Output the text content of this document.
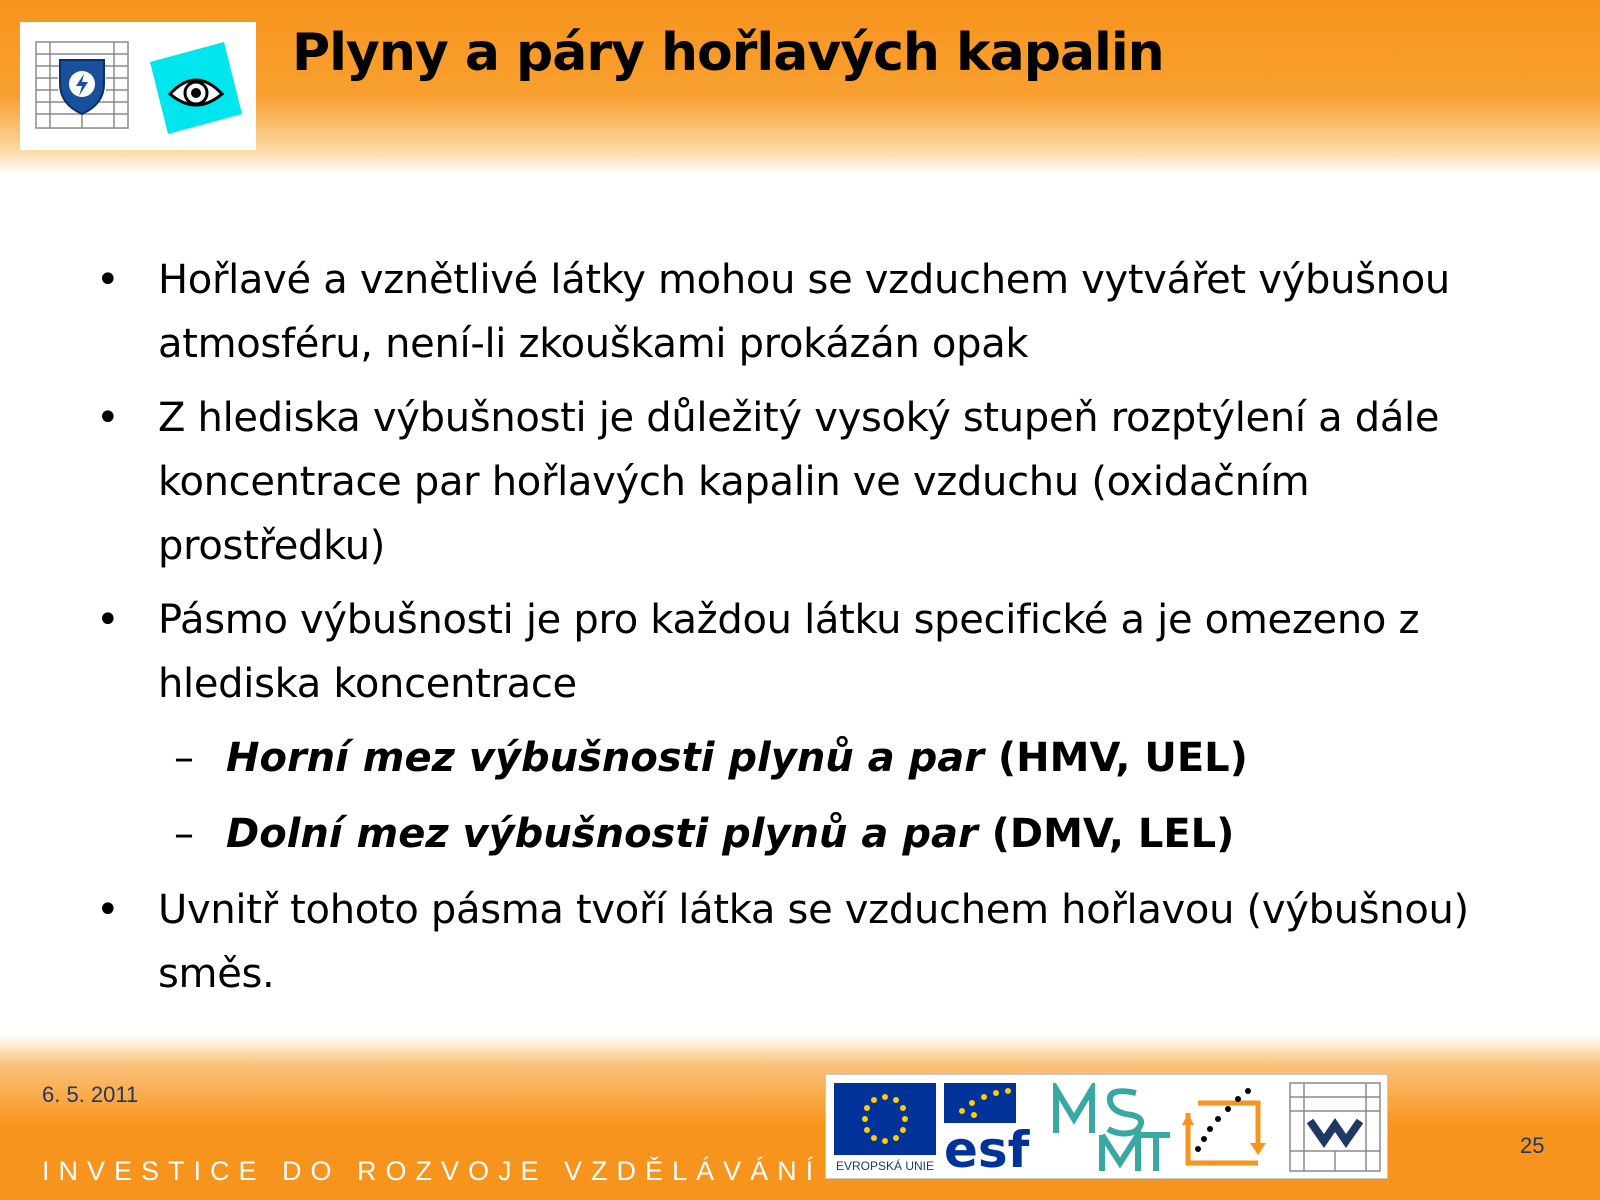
Plyny a páry hořlavých kapalin
• Hořlavé a vznětlivé látky mohou se vzduchem vytvářet výbušnou atmosféru, není-li zkouškami prokázán opak
• Z hlediska výbušnosti je důležitý vysoký stupeň rozptýlení a dále koncentrace par hořlavých kapalin ve vzduchu (oxidačním prostředku)
• Pásmo výbušnosti je pro každou látku specifické a je omezeno z hlediska koncentrace
– Horní mez výbušnosti plynů a par (HMV, UEL)
– Dolní mez výbušnosti plynů a par (DMV, LEL)
• Uvnitř tohoto pásma tvoří látka se vzduchem hořlavou (výbušnou) směs.
6. 5. 2011
INVESTICE DO ROZVOJE VZDĚLÁVÁNÍ
25
EVROPSKÁ UNIE esf
